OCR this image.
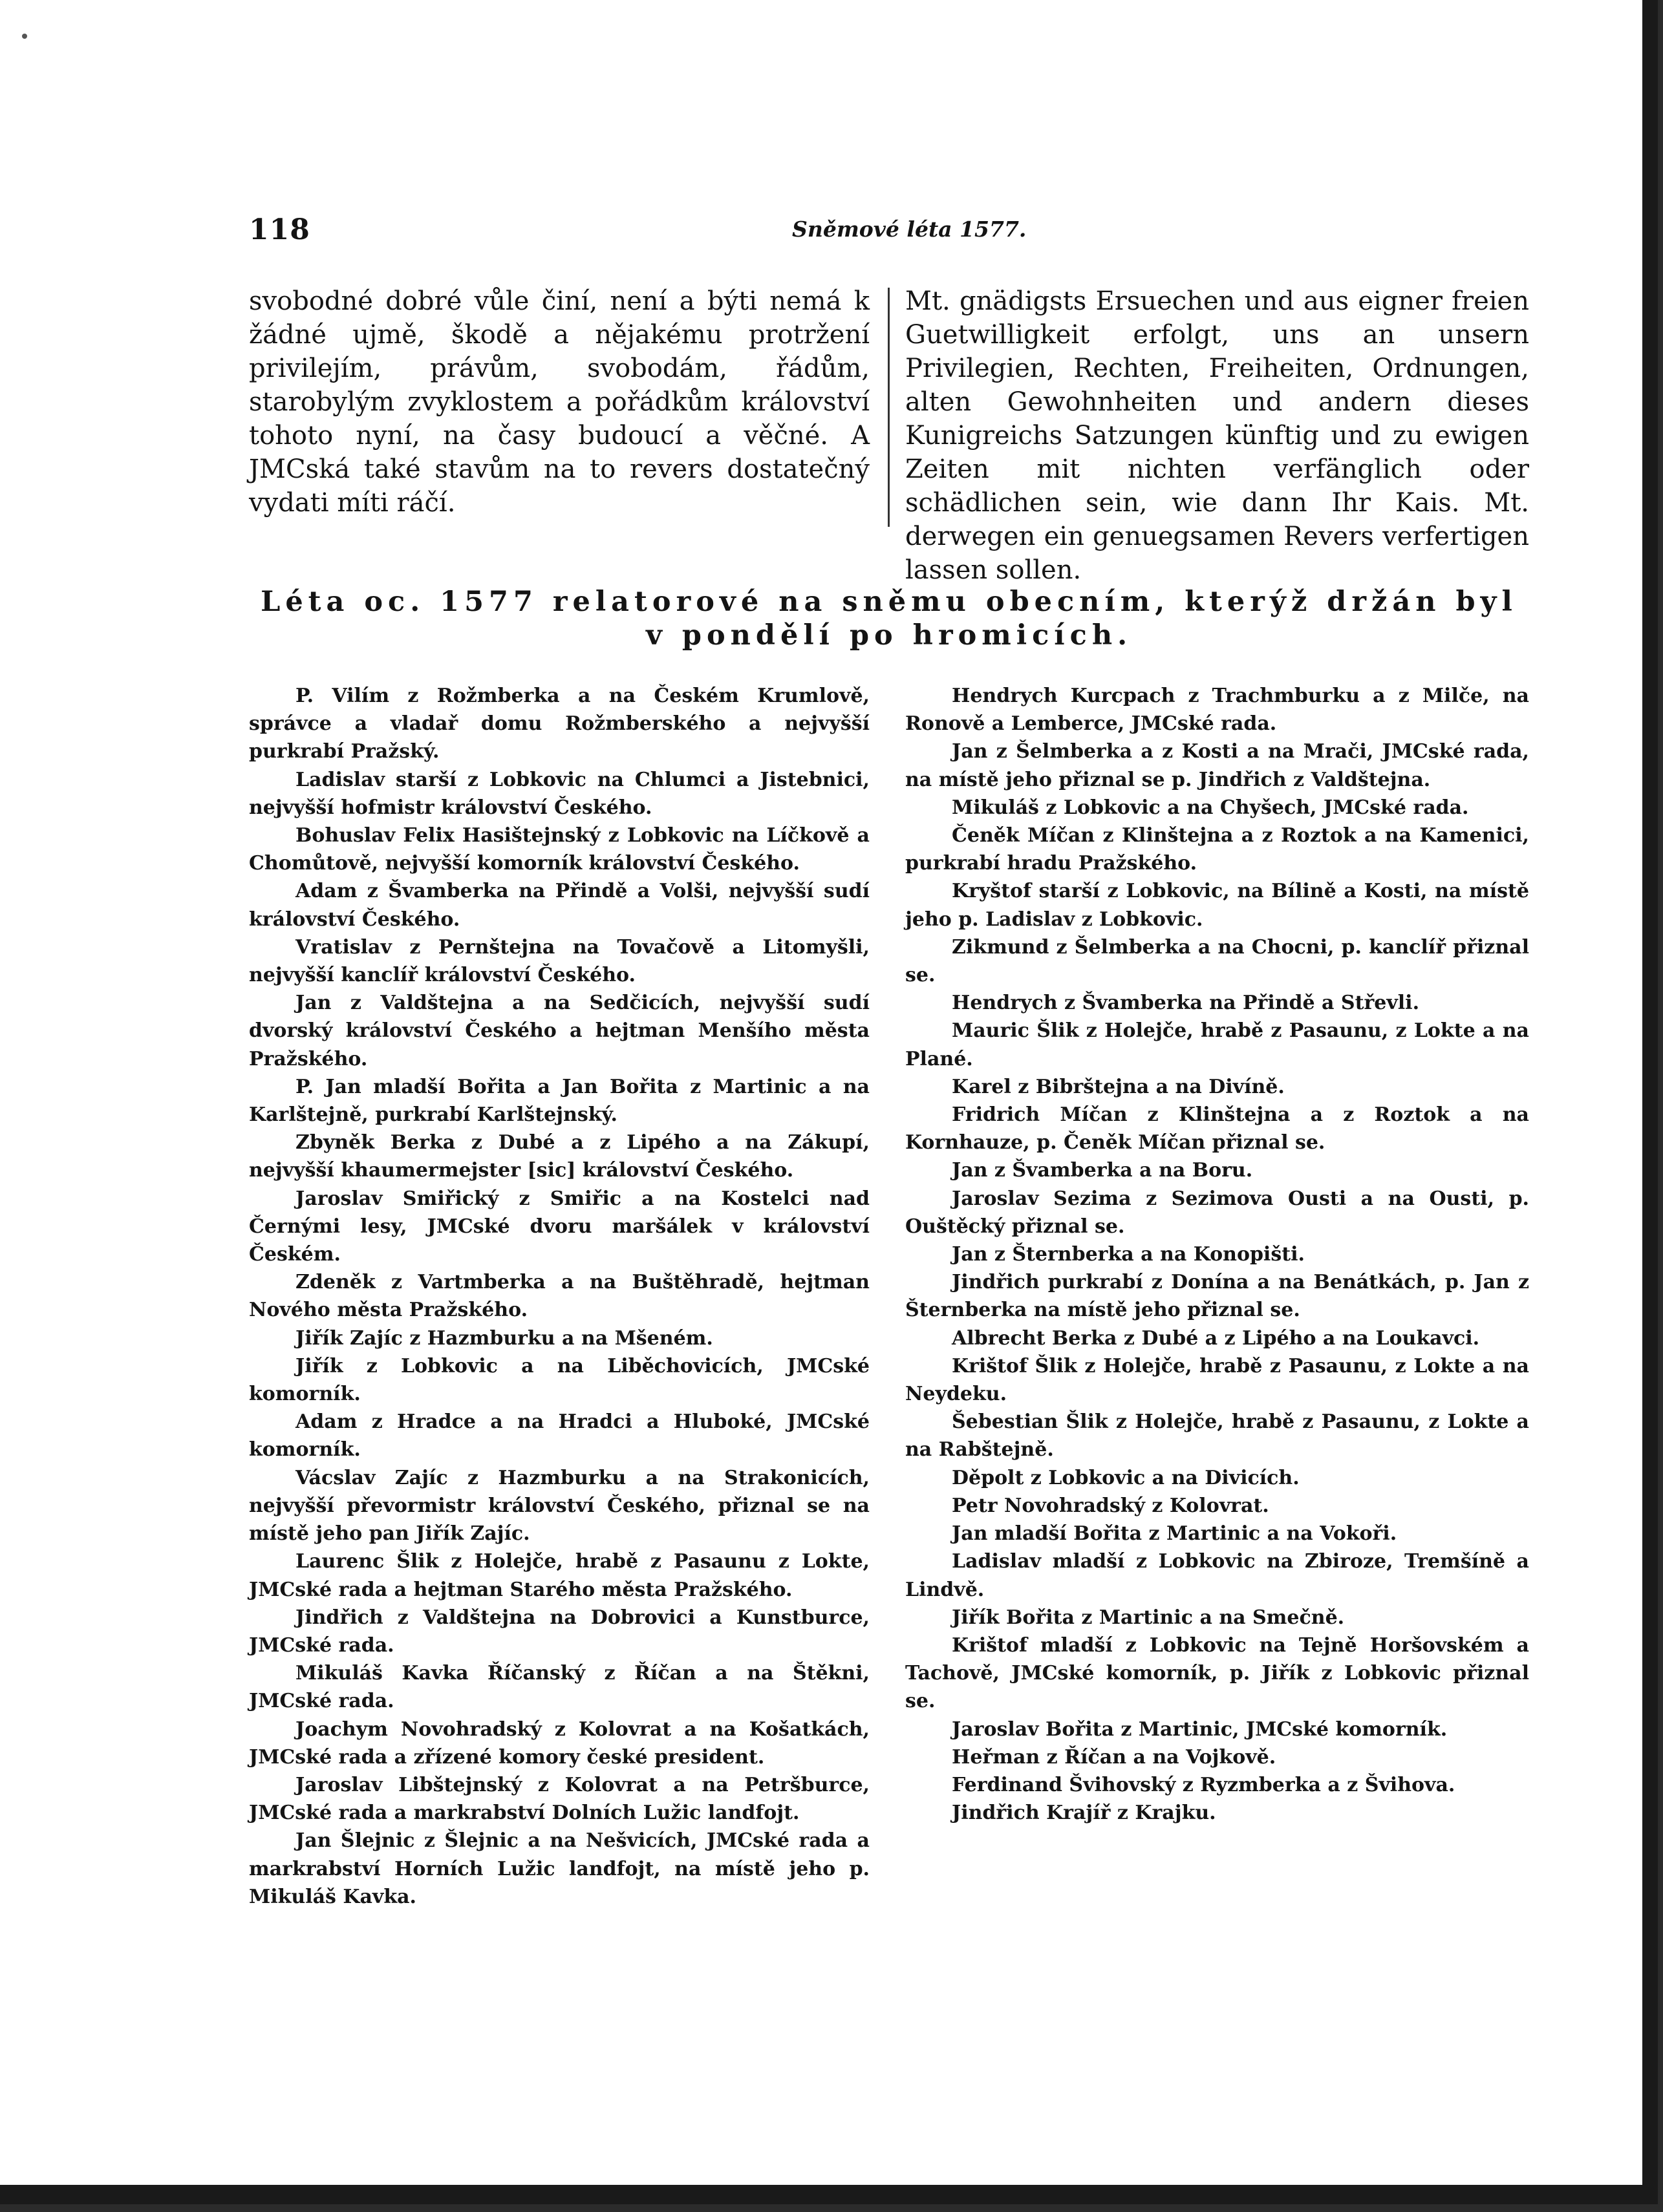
118	Sněmové léta 1577.

svobodné dobré vůle činí, není a býti nemá k žádné ujmě, škodě a nějakému protržení privilejím, právům, svobodám, řádům, starobylým zvyklostem a pořádkům království tohoto nyní, na časy budoucí a věčné. A JMCská také stavům na to revers dostatečný vydati míti ráčí.

Mt. gnädigsts Ersuechen und aus eigner freien Guetwilligkeit erfolgt, uns an unsern Privilegien, Rechten, Freiheiten, Ordnungen, alten Gewohnheiten und andern dieses Kunigreichs Satzungen künftig und zu ewigen Zeiten mit nichten verfänglich oder schädlichen sein, wie dann Ihr Kais. Mt. derwegen ein genuegsamen Revers verfertigen lassen sollen.

Léta oc. 1577 relatorové na sněmu obecním, kterýž držán byl v pondělí po hromicích.

P. Vilím z Rožmberka a na Českém Krumlově, správce a vladař domu Rožmberského a nejvyšší purkrabí Pražský.

Ladislav starší z Lobkovic na Chlumci a Jistebnici, nejvyšší hofmistr království Českého.

Bohuslav Felix Hasištejnský z Lobkovic na Líčkově a Chomůtově, nejvyšší komorník království Českého.

Adam z Švamberka na Přindě a Volši, nejvyšší sudí království Českého.

Vratislav z Pernštejna na Tovačově a Litomyšli, nejvyšší kanclíř království Českého.

Jan z Valdštejna a na Sedčicích, nejvyšší sudí dvorský království Českého a hejtman Menšího města Pražského.

P. Jan mladší Bořita a Jan Bořita z Martinic a na Karlštejně, purkrabí Karlštejnský.

Zbyněk Berka z Dubé a z Lipého a na Zákupí, nejvyšší khaumermejster [sic] království Českého.

Jaroslav Smiřický z Smiřic a na Kostelci nad Černými lesy, JMCské dvoru maršálek v království Českém.

Zdeněk z Vartmberka a na Buštěhradě, hejtman Nového města Pražského.

Jiřík Zajíc z Hazmburku a na Mšeném.

Jiřík z Lobkovic a na Liběchovicích, JMCské komorník.

Adam z Hradce a na Hradci a Hluboké, JMCské komorník.

Vácslav Zajíc z Hazmburku a na Strakonicích, nejvyšší převormistr království Českého, přiznal se na místě jeho pan Jiřík Zajíc.

Laurenc Šlik z Holejče, hrabě z Pasaunu z Lokte, JMCské rada a hejtman Starého města Pražského.

Jindřich z Valdštejna na Dobrovici a Kunstburce, JMCské rada.

Mikuláš Kavka Říčanský z Říčan a na Štěkni, JMCské rada.

Joachym Novohradský z Kolovrat a na Košatkách, JMCské rada a zřízené komory české president.

Jaroslav Libštejnský z Kolovrat a na Petršburce, JMCské rada a markrabství Dolních Lužic landfojt.

Jan Šlejnic z Šlejnic a na Nešvicích, JMCské rada a markrabství Horních Lužic landfojt, na místě jeho p. Mikuláš Kavka.

Hendrych Kurcpach z Trachmburku a z Milče, na Ronově a Lemberce, JMCské rada.

Jan z Šelmberka a z Kosti a na Mrači, JMCské rada, na místě jeho přiznal se p. Jindřich z Valdštejna.

Mikuláš z Lobkovic a na Chyšech, JMCské rada.

Čeněk Míčan z Klinštejna a z Roztok a na Kamenici, purkrabí hradu Pražského.

Kryštof starší z Lobkovic, na Bílině a Kosti, na místě jeho p. Ladislav z Lobkovic.

Zikmund z Šelmberka a na Chocni, p. kanclíř přiznal se.

Hendrych z Švamberka na Přindě a Střevli.

Mauric Šlik z Holejče, hrabě z Pasaunu, z Lokte a na Plané.

Karel z Bibrštejna a na Divíně.

Fridrich Míčan z Klinštejna a z Roztok a na Kornhauze, p. Čeněk Míčan přiznal se.

Jan z Švamberka a na Boru.

Jaroslav Sezima z Sezimova Ousti a na Ousti, p. Ouštěcký přiznal se.

Jan z Šternberka a na Konopišti.

Jindřich purkrabí z Donína a na Benátkách, p. Jan z Šternberka na místě jeho přiznal se.

Albrecht Berka z Dubé a z Lipého a na Loukavci.

Krištof Šlik z Holejče, hrabě z Pasaunu, z Lokte a na Neydeku.

Šebestian Šlik z Holejče, hrabě z Pasaunu, z Lokte a na Rabštejně.

Děpolt z Lobkovic a na Divicích.

Petr Novohradský z Kolovrat.

Jan mladší Bořita z Martinic a na Vokoři.

Ladislav mladší z Lobkovic na Zbiroze, Tremšíně a Lindvě.

Jiřík Bořita z Martinic a na Smečně.

Krištof mladší z Lobkovic na Tejně Horšovském a Tachově, JMCské komorník, p. Jiřík z Lobkovic přiznal se.

Jaroslav Bořita z Martinic, JMCské komorník.

Heřman z Říčan a na Vojkově.

Ferdinand Švihovský z Ryzmberka a z Švihova.

Jindřich Krajíř z Krajku.
